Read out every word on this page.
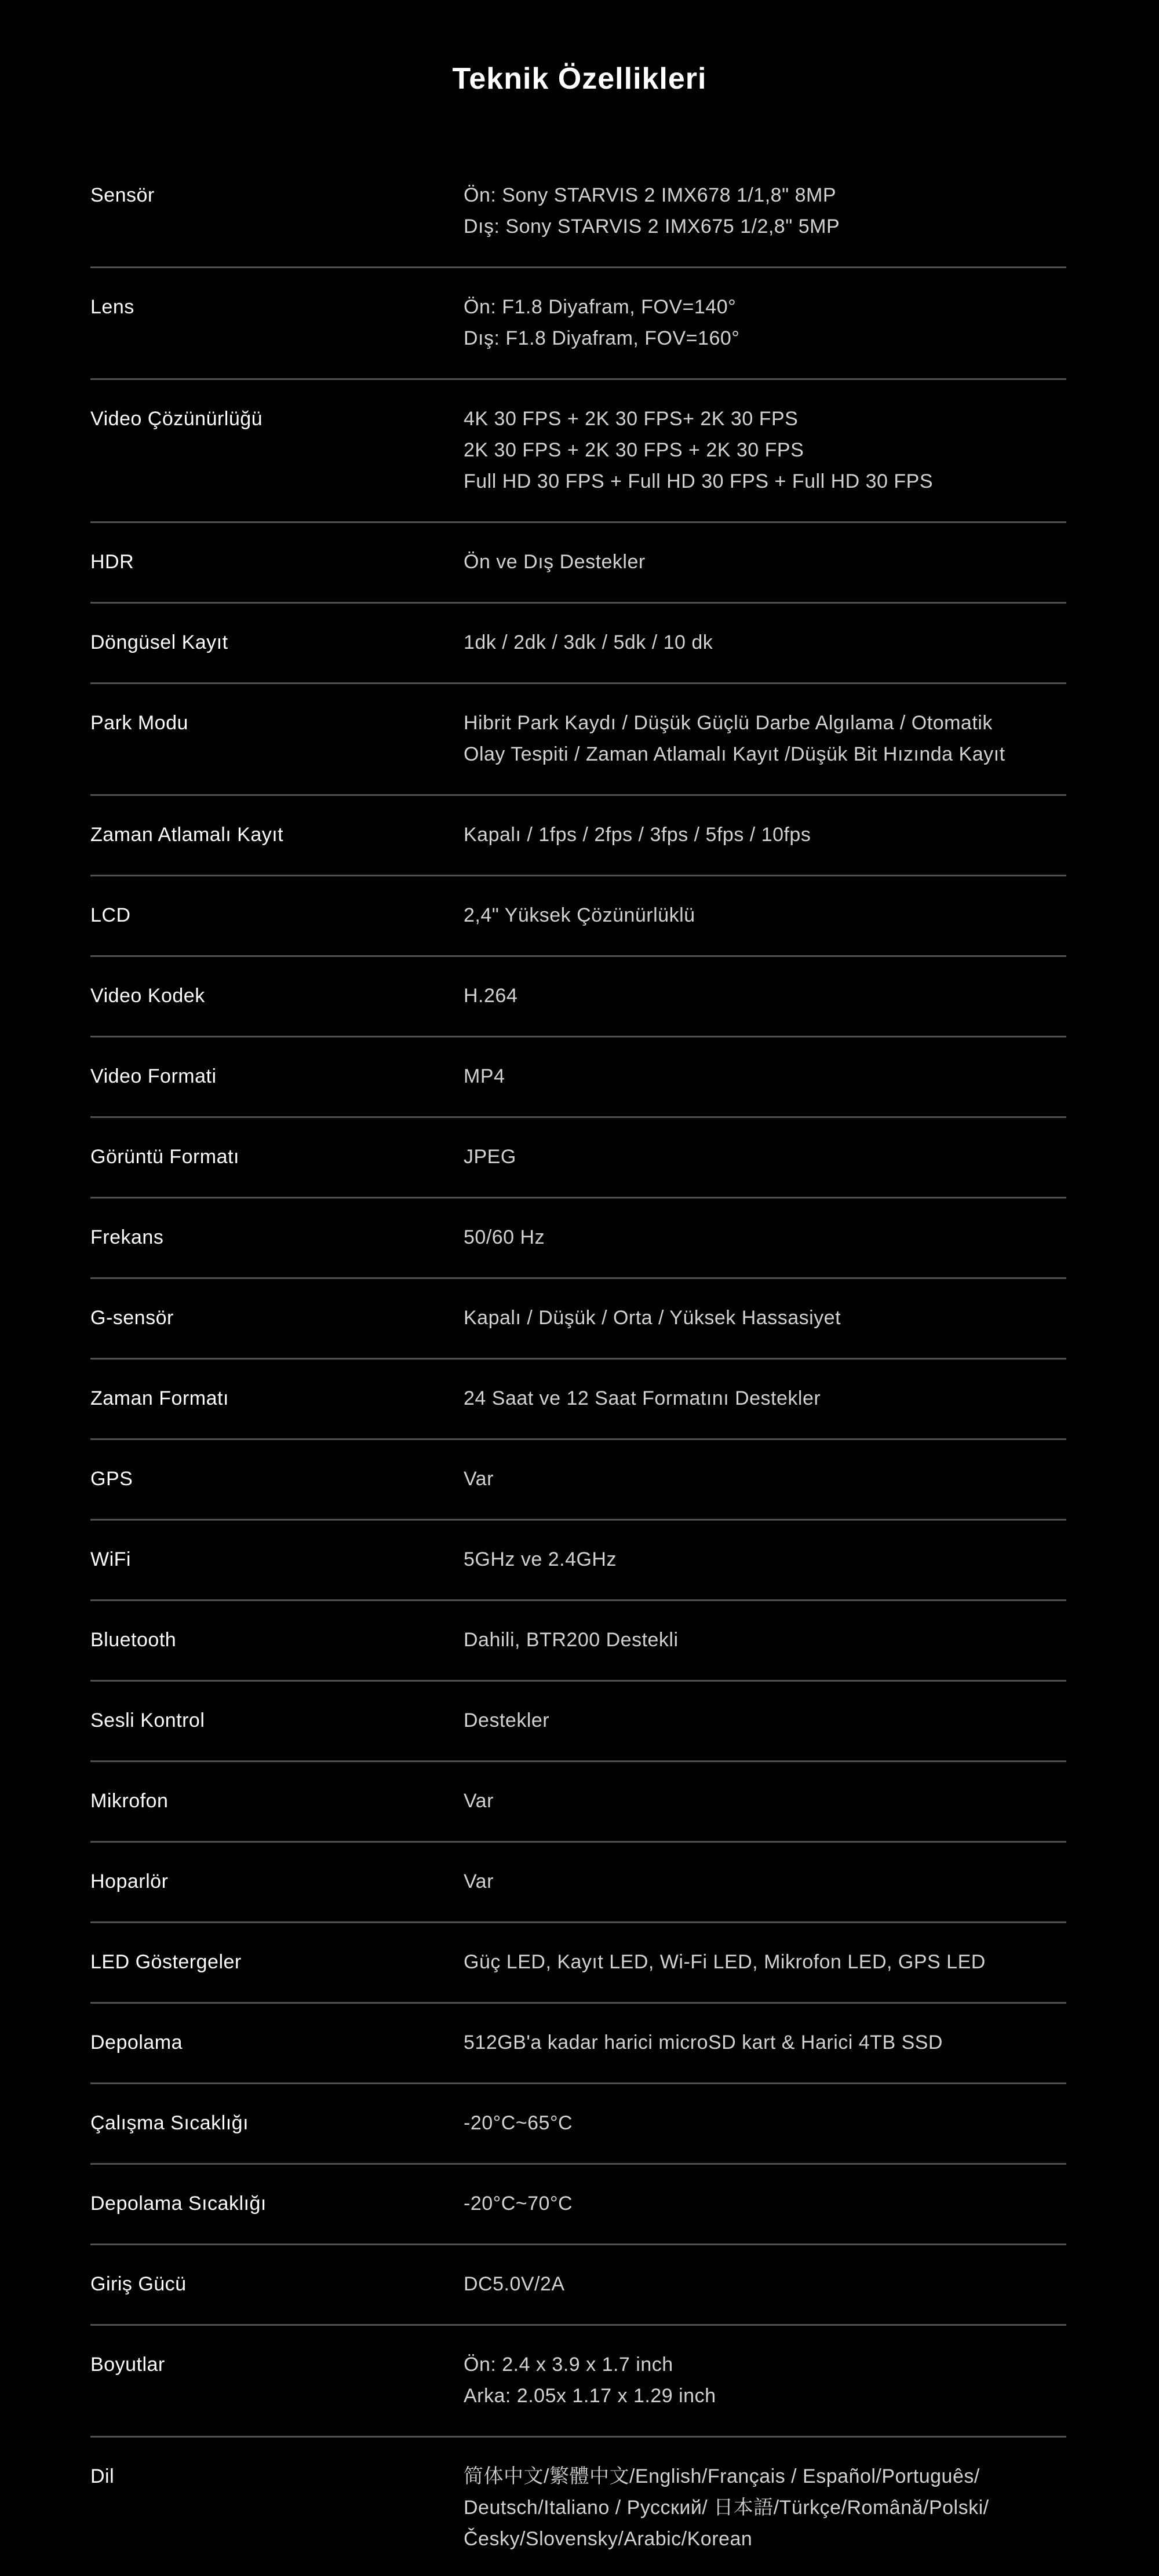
Teknik Özellikleri
Sensör	Ön: Sony STARVIS 2 IMX678 1/1,8" 8MP
Dış: Sony STARVIS 2 IMX675 1/2,8" 5MP
Lens	Ön: F1.8 Diyafram, FOV=140°
Dış: F1.8 Diyafram, FOV=160°
Video Çözünürlüğü	4K 30 FPS + 2K 30 FPS+ 2K 30 FPS
2K 30 FPS + 2K 30 FPS + 2K 30 FPS
Full HD 30 FPS + Full HD 30 FPS + Full HD 30 FPS
HDR	Ön ve Dış Destekler
Döngüsel Kayıt	1dk / 2dk / 3dk / 5dk / 10 dk
Park Modu	Hibrit Park Kaydı / Düşük Güçlü Darbe Algılama / Otomatik
Olay Tespiti / Zaman Atlamalı Kayıt /Düşük Bit Hızında Kayıt
Zaman Atlamalı Kayıt	Kapalı / 1fps / 2fps / 3fps / 5fps / 10fps
LCD	2,4" Yüksek Çözünürlüklü
Video Kodek	H.264
Video Formati	MP4
Görüntü Formatı	JPEG
Frekans	50/60 Hz
G-sensör	Kapalı / Düşük / Orta / Yüksek Hassasiyet
Zaman Formatı	24 Saat ve 12 Saat Formatını Destekler
GPS	Var
WiFi	5GHz ve 2.4GHz
Bluetooth	Dahili, BTR200 Destekli
Sesli Kontrol	Destekler
Mikrofon	Var
Hoparlör	Var
LED Göstergeler	Güç LED, Kayıt LED, Wi-Fi LED, Mikrofon LED, GPS LED
Depolama	512GB'a kadar harici microSD kart & Harici 4TB SSD
Çalışma Sıcaklığı	-20°C~65°C
Depolama Sıcaklığı	-20°C~70°C
Giriş Gücü	DC5.0V/2A
Boyutlar	Ön: 2.4 x 3.9 x 1.7 inch
Arka: 2.05x 1.17 x 1.29 inch
Dil	简体中文/繁體中文/English/Français / Español/Português/
Deutsch/Italiano / Русский/ 日本語/Türkçe/Română/Polski/
Česky/Slovensky/Arabic/Korean
